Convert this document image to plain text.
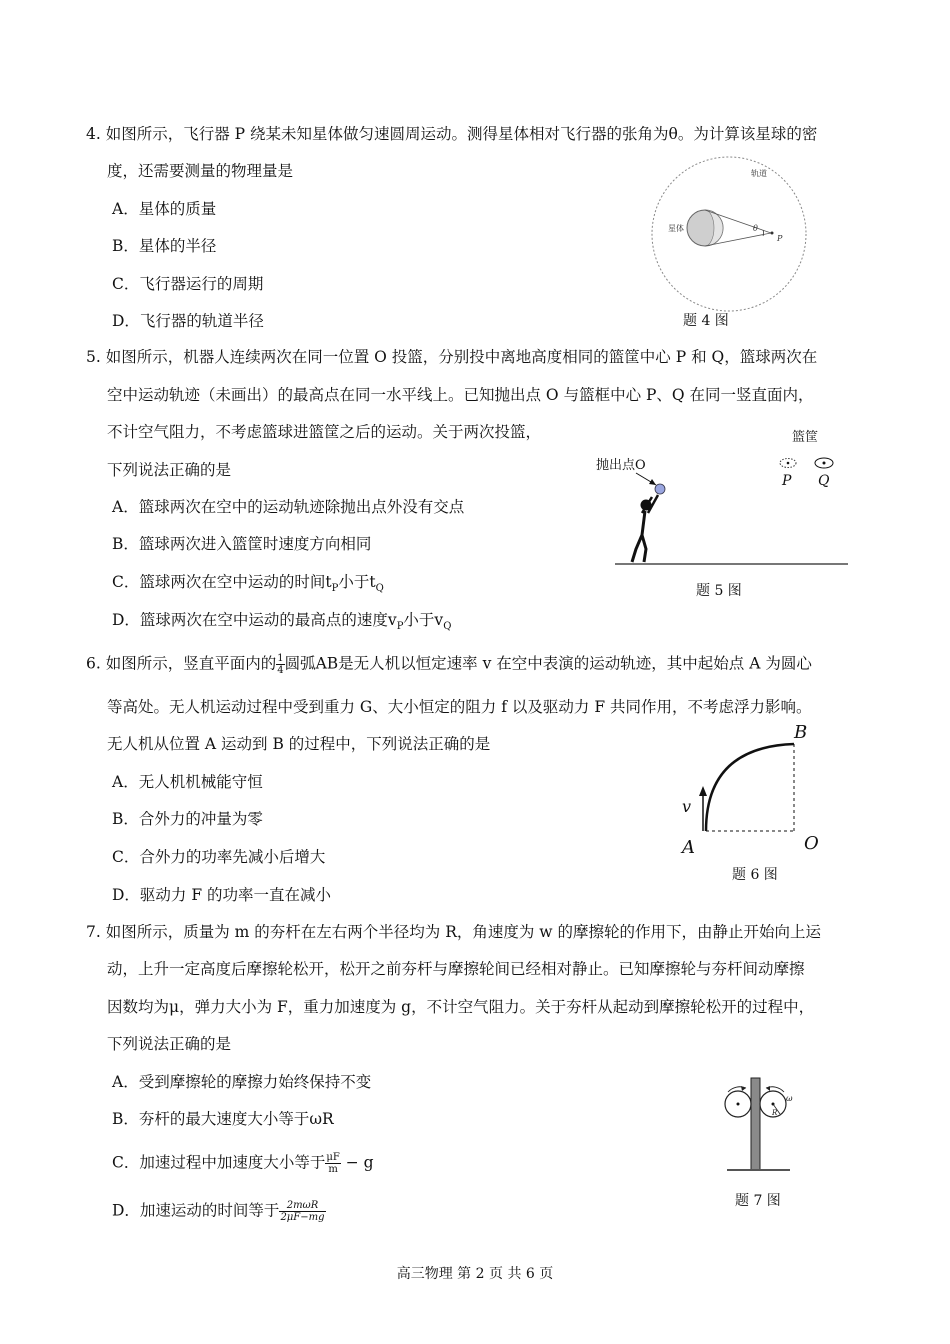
4. 如图所示，飞行器 P 绕某未知星体做匀速圆周运动。测得星体相对飞行器的张角为θ。为计算该星球的密
度，还需要测量的物理量是
A．星体的质量
B．星体的半径
C．飞行器运行的周期
D．飞行器的轨道半径
轨道
星体	θ
P
题 4 图
5. 如图所示，机器人连续两次在同一位置 O 投篮，分别投中离地高度相同的篮筐中心 P 和 Q，篮球两次在
空中运动轨迹（未画出）的最高点在同一水平线上。已知抛出点 O 与篮框中心 P、Q 在同一竖直面内，
不计空气阻力，不考虑篮球进篮筐之后的运动。关于两次投篮，
下列说法正确的是
A．篮球两次在空中的运动轨迹除抛出点外没有交点
B．篮球两次进入篮筐时速度方向相同
C．篮球两次在空中运动的时间$t_P$小于$t_Q$
D．篮球两次在空中运动的最高点的速度$v_P$小于$v_Q$
篮筐
P Q
抛出点O
题 5 图
6. 如图所示，竖直平面内的 $\frac{1}{4}$ 圆弧AB是无人机以恒定速率 v 在空中表演的运动轨迹，其中起始点 A 为圆心
等高处。无人机运动过程中受到重力 G、大小恒定的阻力 f 以及驱动力 F 共同作用，不考虑浮力影响。
无人机从位置 A 运动到 B 的过程中，下列说法正确的是
A．无人机机械能守恒
B．合外力的冲量为零
C．合外力的功率先减小后增大
D．驱动力 F 的功率一直在减小
B
v
A	O
题 6 图
7. 如图所示，质量为 m 的夯杆在左右两个半径均为 R，角速度为 w 的摩擦轮的作用下，由静止开始向上运
动，上升一定高度后摩擦轮松开，松开之前夯杆与摩擦轮间已经相对静止。已知摩擦轮与夯杆间动摩擦
因数均为μ，弹力大小为 F，重力加速度为 g，不计空气阻力。关于夯杆从起动到摩擦轮松开的过程中，
下列说法正确的是
A．受到摩擦轮的摩擦力始终保持不变
B．夯杆的最大速度大小等于ωR
C．加速过程中加速度大小等于 $\frac{\mu F}{m} - g$
D．加速运动的时间等于 $\frac{\text{2mωR}}{2\mu F-mg}$
R
ω
题 7 图
高三物理 第 2 页 共 6 页
